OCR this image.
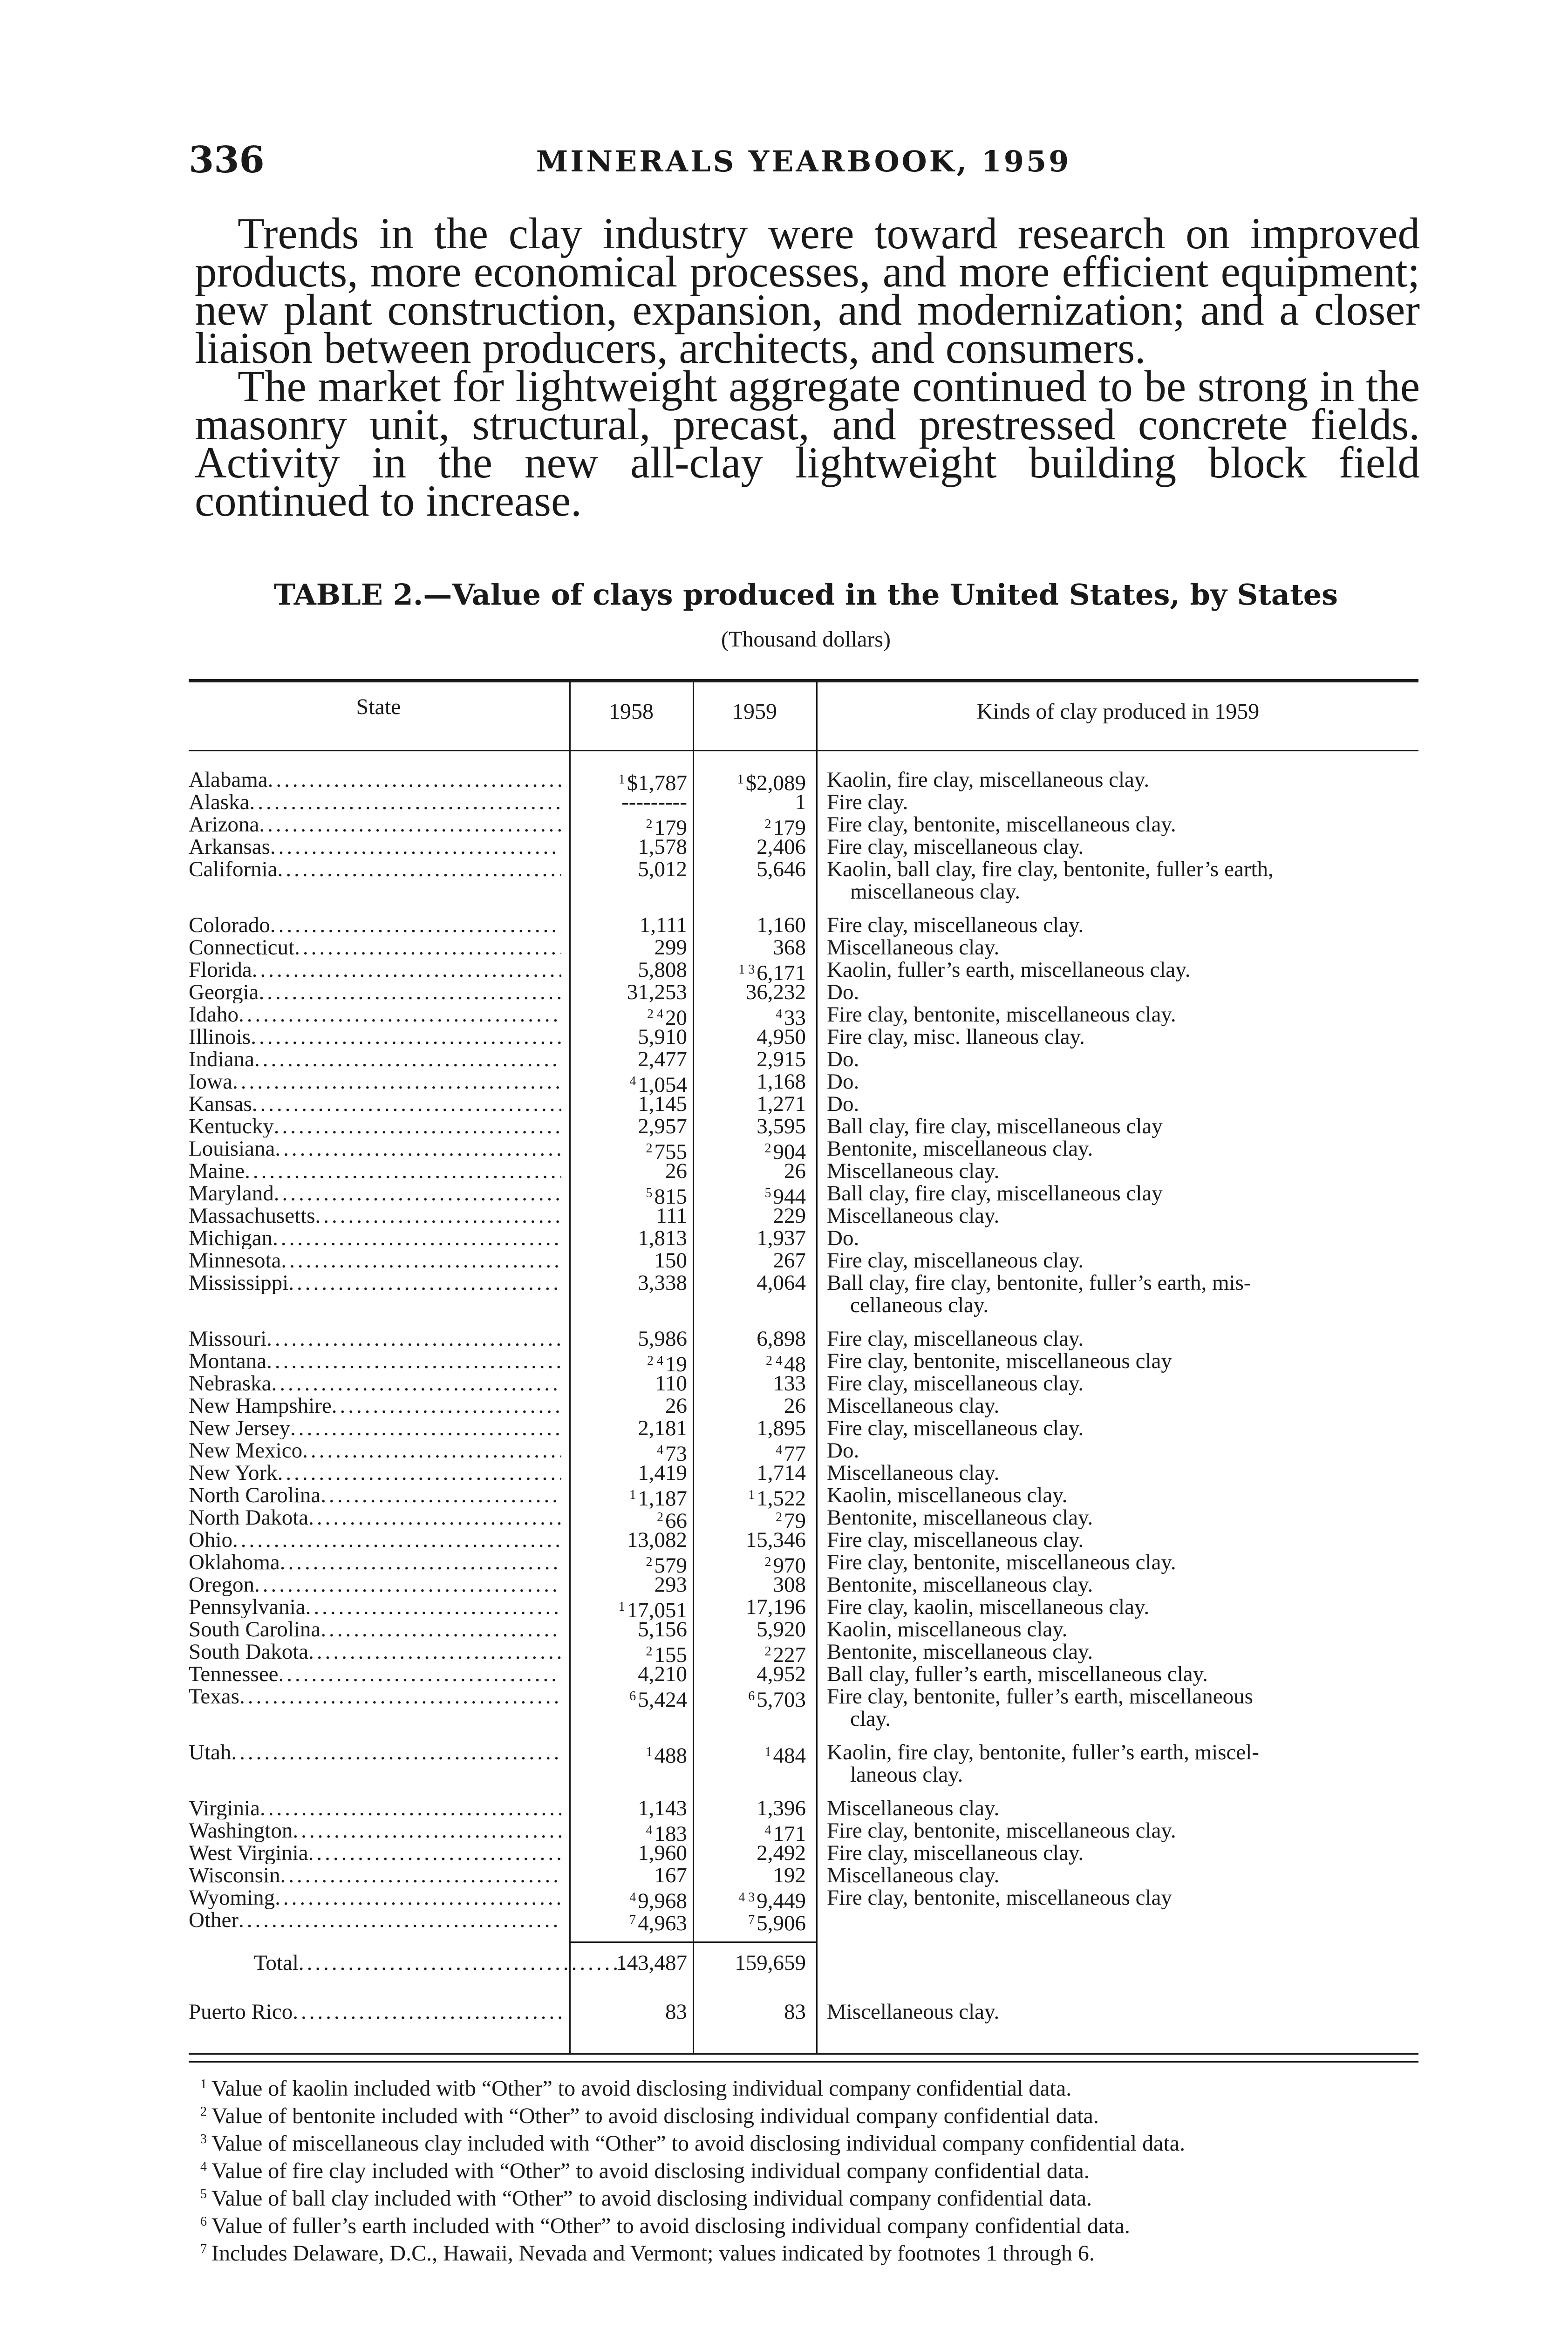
336	MINERALS YEARBOOK, 1959

Trends in the clay industry were toward research on improved products, more economical processes, and more efficient equipment; new plant construction, expansion, and modernization; and a closer liaison between producers, architects, and consumers.

The market for lightweight aggregate continued to be strong in the masonry unit, structural, precast, and prestressed concrete fields. Activity in the new all-clay lightweight building block field continued to increase.

TABLE 2.—Value of clays produced in the United States, by States
(Thousand dollars)
State	1958	1959	Kinds of clay produced in 1959
Alabama .....	$^1$\$1,787	$^1$\$2,089 Kaolin, fire clay, miscellaneous clay.
Alaska .....	---------	1 Fire clay.
Arizona .....	$^2$179	$^2$179 Fire clay, bentonite, miscellaneous clay.
Arkansas .....	1,578	2,406 Fire clay, miscellaneous clay.
California .....	5,012	5,646 Kaolin, ball clay, fire clay, bentonite, fuller’s earth,
miscellaneous clay.
Colorado .....	1,111	1,160 Fire clay, miscellaneous clay.
Connecticut .....	299	368 Miscellaneous clay.
Florida .....	5,808	$^{1 3}$6,171 Kaolin, fuller’s earth, miscellaneous clay.
Georgia .....	31,253	36,232 Do.
Idaho .....	$^{2 4}$20	$^4$33 Fire clay, bentonite, miscellaneous clay.
Illinois .....	5,910	4,950 Fire clay, misc. llaneous clay.
Indiana .....	2,477	2,915 Do.
Iowa .....	$^4$1,054	1,168 Do.
Kansas .....	1,145	1,271 Do.
Kentucky .....	2,957	3,595 Ball clay, fire clay, miscellaneous clay
Louisiana .....	$^2$755	$^2$904 Bentonite, miscellaneous clay.
Maine .....	26	26 Miscellaneous clay.
Maryland .....	$^5$815	$^5$944 Ball clay, fire clay, miscellaneous clay
Massachusetts .....	111	229 Miscellaneous clay.
Michigan .....	1,813	1,937 Do.
Minnesota .....	150	267 Fire clay, miscellaneous clay.
Mississippi .....	3,338	4,064 Ball clay, fire clay, bentonite, fuller’s earth, mis-
cellaneous clay.
Missouri .....	5,986	6,898 Fire clay, miscellaneous clay.
Montana .....	$^{2 4}$19	$^{2 4}$48 Fire clay, bentonite, miscellaneous clay
Nebraska .....	110	133 Fire clay, miscellaneous clay.
New Hampshire .....	26	26 Miscellaneous clay.
New Jersey .....	2,181	1,895 Fire clay, miscellaneous clay.
New Mexico .....	$^4$73	$^4$77 Do.
New York .....	1,419	1,714 Miscellaneous clay.
North Carolina .....	$^1$1,187	$^1$1,522 Kaolin, miscellaneous clay.
North Dakota .....	$^2$66	$^2$79 Bentonite, miscellaneous clay.
Ohio .....	13,082	15,346 Fire clay, miscellaneous clay.
Oklahoma .....	$^2$579	$^2$970 Fire clay, bentonite, miscellaneous clay.
Oregon .....	293	308 Bentonite, miscellaneous clay.
Pennsylvania .....	$^1$17,051	17,196 Fire clay, kaolin, miscellaneous clay.
South Carolina .....	5,156	5,920 Kaolin, miscellaneous clay.
South Dakota .....	$^2$155	$^2$227 Bentonite, miscellaneous clay.
Tennessee .....	4,210	4,952 Ball clay, fuller’s earth, miscellaneous clay.
Texas .....	$^6$5,424	$^6$5,703 Fire clay, bentonite, fuller’s earth, miscellaneous
clay.
Utah .....	$^1$488	$^1$484 Kaolin, fire clay, bentonite, fuller’s earth, miscel-
laneous clay.
Virginia .....	1,143	1,396 Miscellaneous clay.
Washington .....	$^4$183	$^4$171 Fire clay, bentonite, miscellaneous clay.
West Virginia .....	1,960	2,492 Fire clay, miscellaneous clay.
Wisconsin .....	167	192 Miscellaneous clay.
Wyoming .....	$^4$9,968	$^{4 3}$9,449 Fire clay, bentonite, miscellaneous clay
Other .....	$^7$4,963	$^7$5,906
Total .....	143,487	159,659
Puerto Rico .....	83	83 Miscellaneous clay.
$^1$ Value of kaolin included witb “Other” to avoid disclosing individual company confidential data.
$^2$ Value of bentonite included with “Other” to avoid disclosing individual company confidential data.
$^3$ Value of miscellaneous clay included with “Other” to avoid disclosing individual company confidential data.
$^4$ Value of fire clay included with “Other” to avoid disclosing individual company confidential data.
$^5$ Value of ball clay included with “Other” to avoid disclosing individual company confidential data.
$^6$ Value of fuller’s earth included with “Other” to avoid disclosing individual company confidential data.
$^7$ Includes Delaware, D.C., Hawaii, Nevada and Vermont; values indicated by footnotes 1 through 6.
